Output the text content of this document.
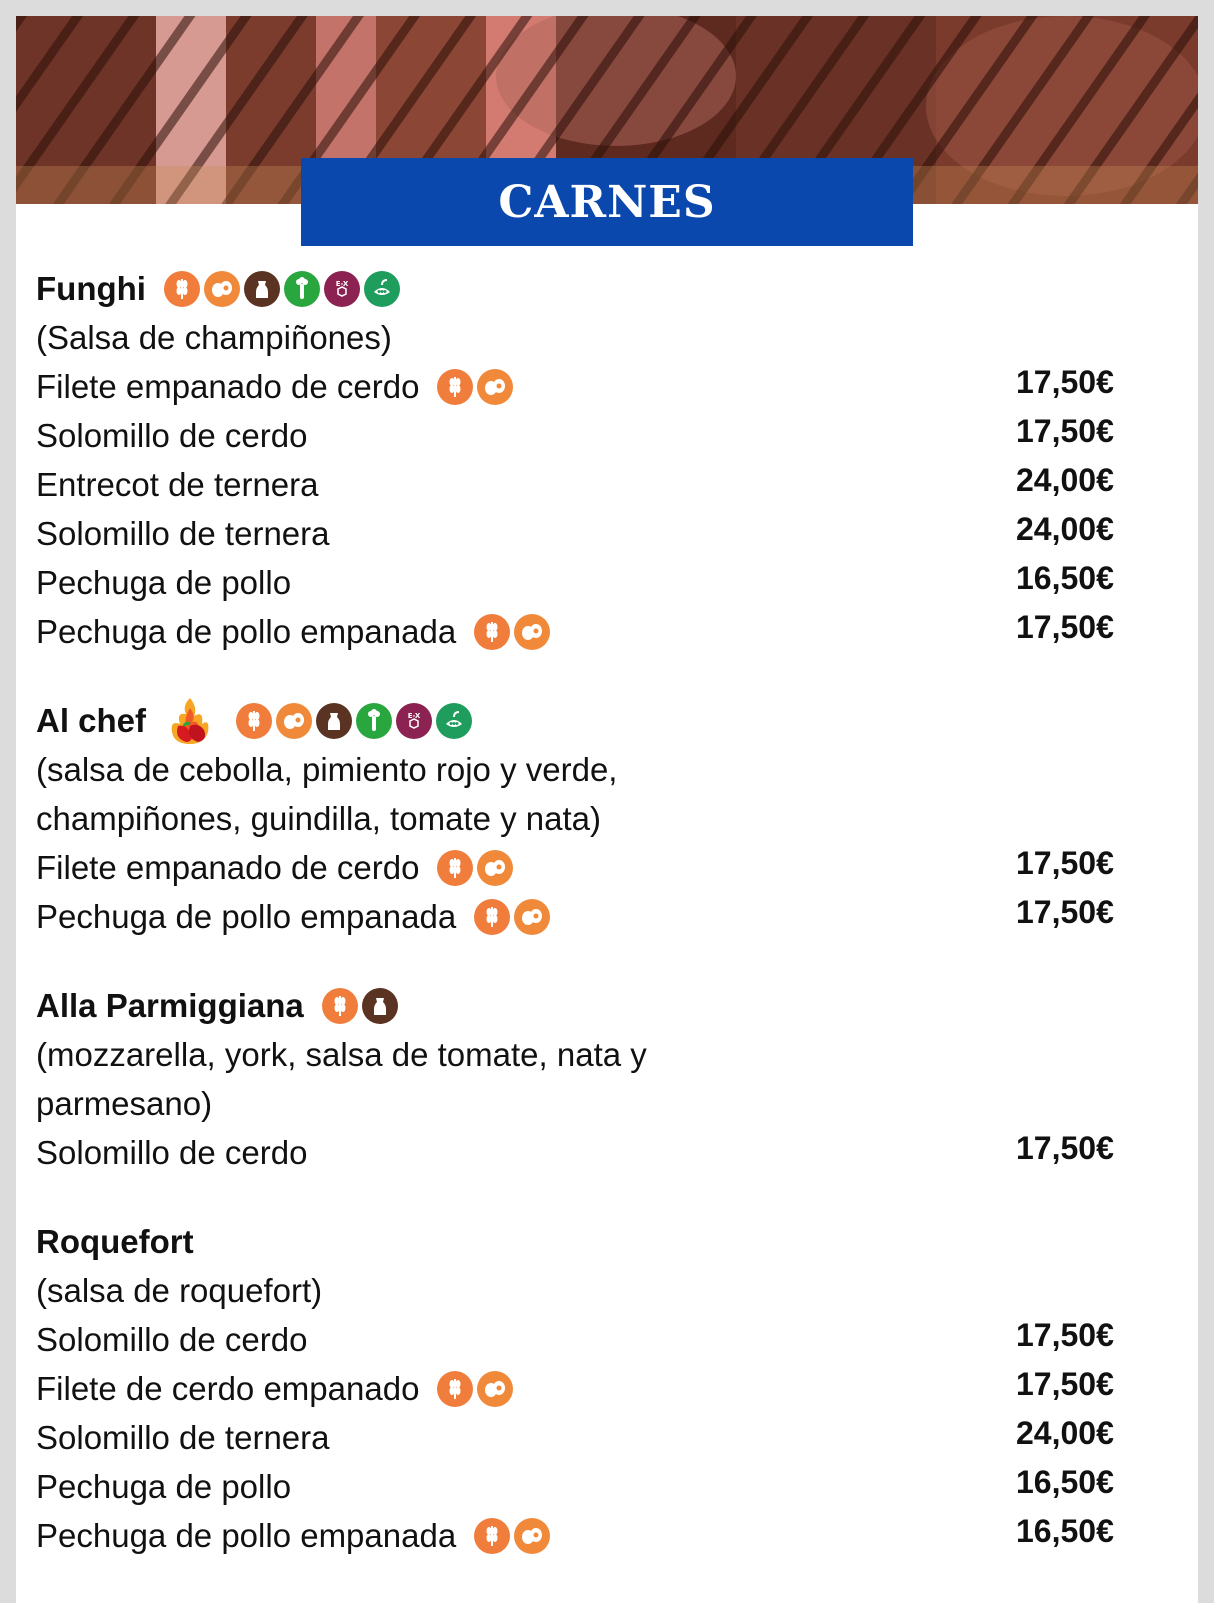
CARNES
Funghi	E-X
(Salsa de champiñones)
Filete empanado de cerdo	17,50€
Solomillo de cerdo	17,50€
Entrecot de ternera	24,00€
Solomillo de ternera	24,00€
Pechuga de pollo	16,50€
Pechuga de pollo empanada	17,50€
Al chef	E-X
(salsa de cebolla, pimiento rojo y verde,
champiñones, guindilla, tomate y nata)
Filete empanado de cerdo	17,50€
Pechuga de pollo empanada	17,50€
Alla Parmiggiana
(mozzarella, york, salsa de tomate, nata y
parmesano)
Solomillo de cerdo	17,50€
Roquefort
(salsa de roquefort)
Solomillo de cerdo	17,50€
Filete de cerdo empanado	17,50€
Solomillo de ternera	24,00€
Pechuga de pollo	16,50€
Pechuga de pollo empanada	16,50€
